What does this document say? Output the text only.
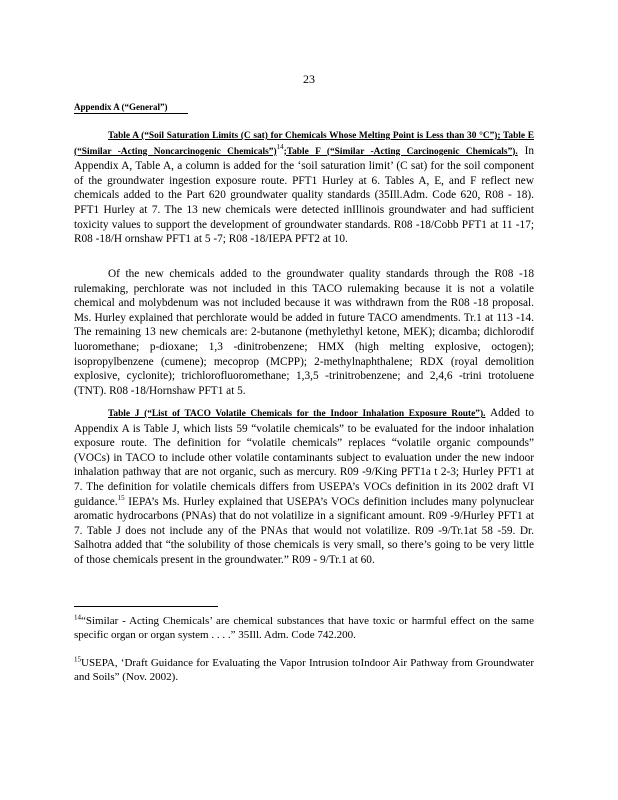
23
Appendix A (“General”)
Table A (“Soil Saturation Limits (C sat) for Chemicals Whose Melting Point is Less than 30 °C”); Table E (“Similar -Acting Noncarcinogenic Chemicals”)$^{14}$;Table F (“Similar -Acting Carcinogenic Chemicals”). In Appendix A, Table A, a column is added for the ‘soil saturation limit’ (C sat) for the soil component of the groundwater ingestion exposure route. PFT1 Hurley at 6. Tables A, E, and F reflect new chemicals added to the Part 620 groundwater quality standards (35Ill.Adm. Code 620, R08 - 18). PFT1 Hurley at 7. The 13 new chemicals were detected inIllinois groundwater and had sufficient toxicity values to support the development of groundwater standards. R08 -18/Cobb PFT1 at 11 -17; R08 -18/H ornshaw PFT1 at 5 -7; R08 -18/IEPA PFT2 at 10.
Of the new chemicals added to the groundwater quality standards through the R08 -18 rulemaking, perchlorate was not included in this TACO rulemaking because it is not a volatile chemical and molybdenum was not included because it was withdrawn from the R08 -18 proposal. Ms. Hurley explained that perchlorate would be added in future TACO amendments. Tr.1 at 113 -14. The remaining 13 new chemicals are: 2-butanone (methylethyl ketone, MEK); dicamba; dichlorodif luoromethane; p-dioxane; 1,3 -dinitrobenzene; HMX (high melting explosive, octogen); isopropylbenzene (cumene); mecoprop (MCPP); 2-methylnaphthalene; RDX (royal demolition explosive, cyclonite); trichlorofluoromethane; 1,3,5 -trinitrobenzene; and 2,4,6 -trini trotoluene (TNT). R08 -18/Hornshaw PFT1 at 5.
Table J (“List of TACO Volatile Chemicals for the Indoor Inhalation Exposure Route”). Added to Appendix A is Table J, which lists 59 “volatile chemicals” to be evaluated for the indoor inhalation exposure route. The definition for “volatile chemicals” replaces “volatile organic compounds” (VOCs) in TACO to include other volatile contaminants subject to evaluation under the new indoor inhalation pathway that are not organic, such as mercury. R09 -9/King PFT1a t 2-3; Hurley PFT1 at 7. The definition for volatile chemicals differs from USEPA’s VOCs definition in its 2002 draft VI guidance.$^{15}$ IEPA’s Ms. Hurley explained that USEPA’s VOCs definition includes many polynuclear aromatic hydrocarbons (PNAs) that do not volatilize in a significant amount. R09 -9/Hurley PFT1 at 7. Table J does not include any of the PNAs that would not volatilize. R09 -9/Tr.1at 58 -59. Dr. Salhotra added that “the solubility of those chemicals is very small, so there’s going to be very little of those chemicals present in the groundwater.” R09 - 9/Tr.1 at 60.
$^{14}$“Similar - Acting Chemicals’ are chemical substances that have toxic or harmful effect on the same specific organ or organ system . . . .” 35Ill. Adm. Code 742.200.
$^{15}$USEPA, ‘Draft Guidance for Evaluating the Vapor Intrusion toIndoor Air Pathway from Groundwater and Soils” (Nov. 2002).
